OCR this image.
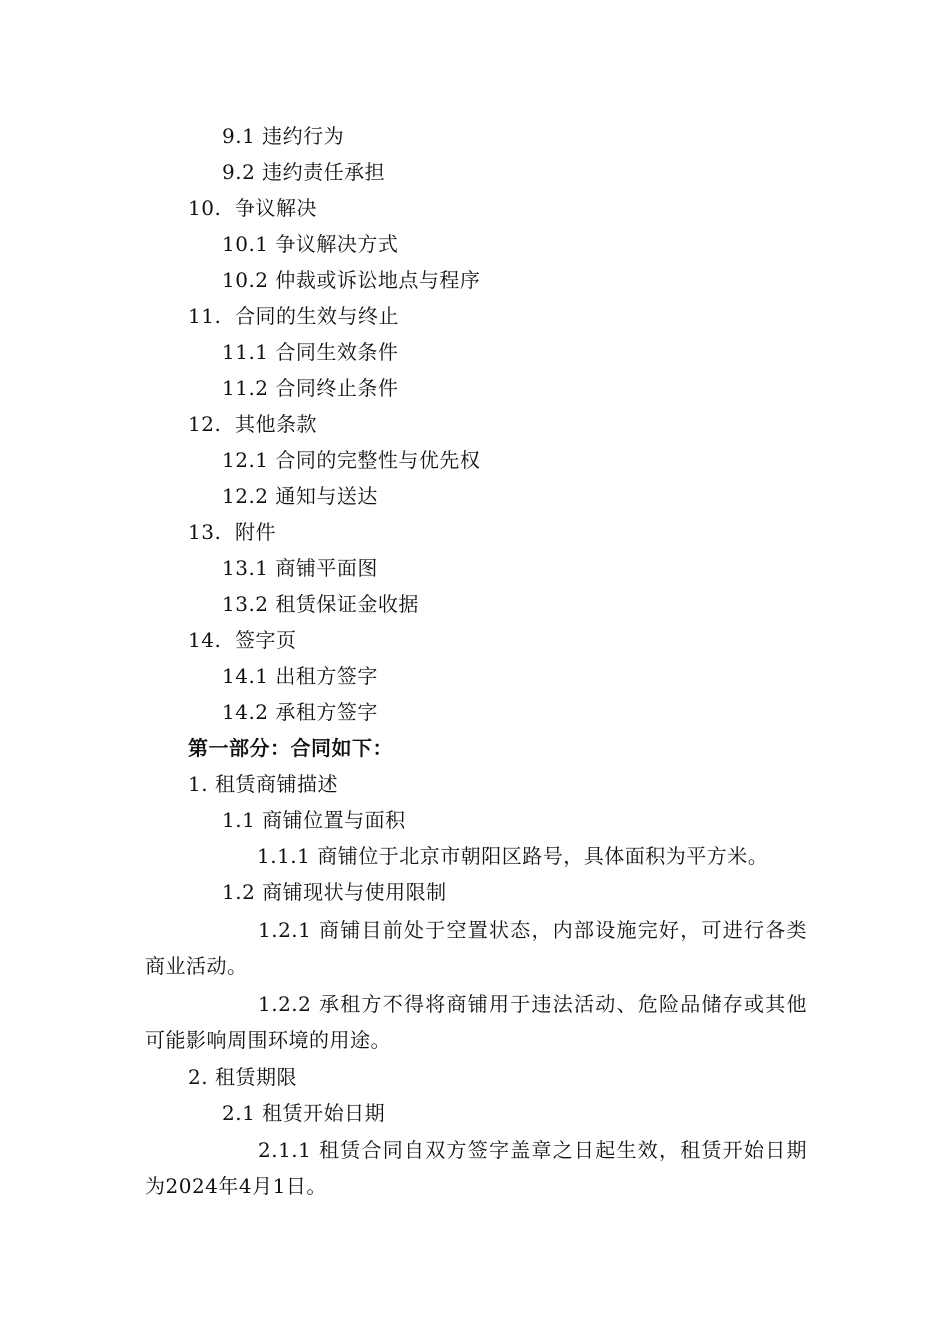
9.1 违约行为
9.2 违约责任承担
10. 争议解决
10.1 争议解决方式
10.2 仲裁或诉讼地点与程序
11. 合同的生效与终止
11.1 合同生效条件
11.2 合同终止条件
12. 其他条款
12.1 合同的完整性与优先权
12.2 通知与送达
13. 附件
13.1 商铺平面图
13.2 租赁保证金收据
14. 签字页
14.1 出租方签字
14.2 承租方签字
第一部分：合同如下：
1. 租赁商铺描述
1.1 商铺位置与面积
1.1.1 商铺位于北京市朝阳区路号，具体面积为平方米。
1.2 商铺现状与使用限制
1.2.1 商铺目前处于空置状态，内部设施完好，可进行各类商业活动。
1.2.2 承租方不得将商铺用于违法活动、危险品储存或其他可能影响周围环境的用途。
2. 租赁期限
2.1 租赁开始日期
2.1.1 租赁合同自双方签字盖章之日起生效，租赁开始日期为2024年4月1日。
